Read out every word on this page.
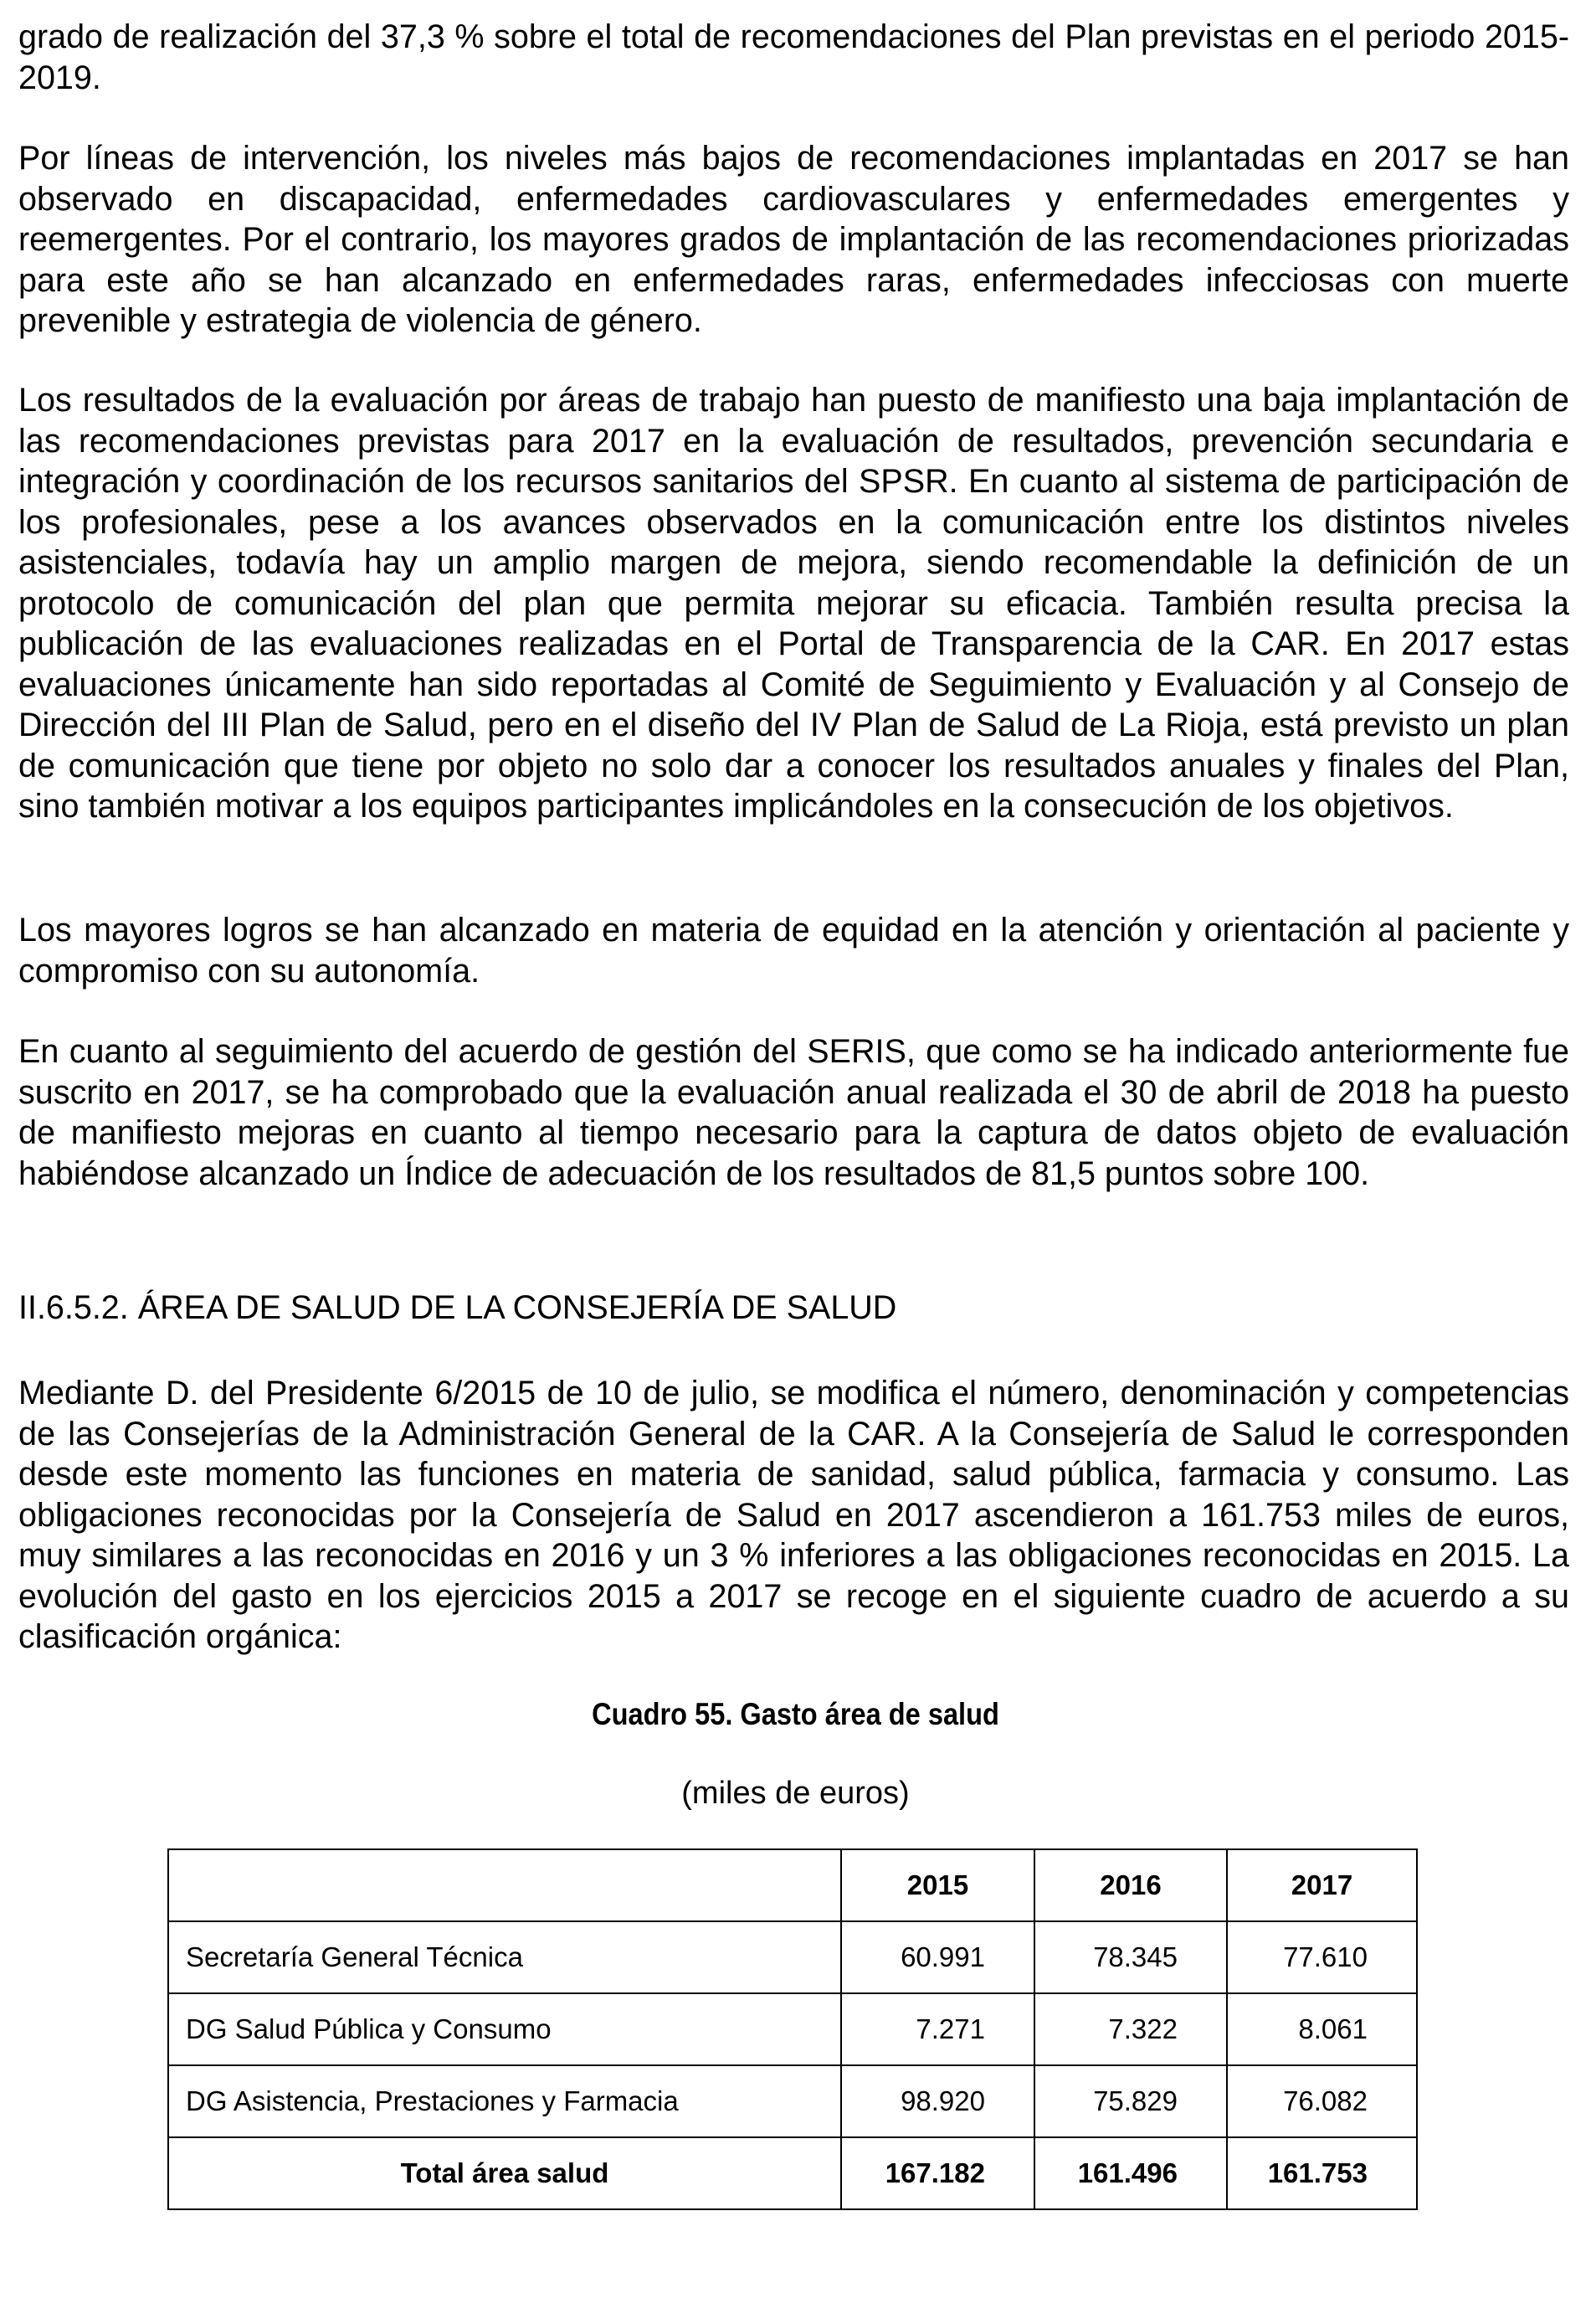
grado de realización del 37,3 % sobre el total de recomendaciones del Plan previstas en el periodo 2015-2019.

Por líneas de intervención, los niveles más bajos de recomendaciones implantadas en 2017 se han observado en discapacidad, enfermedades cardiovasculares y enfermedades emergentes y reemergentes. Por el contrario, los mayores grados de implantación de las recomendaciones priorizadas para este año se han alcanzado en enfermedades raras, enfermedades infecciosas con muerte prevenible y estrategia de violencia de género.

Los resultados de la evaluación por áreas de trabajo han puesto de manifiesto una baja implantación de las recomendaciones previstas para 2017 en la evaluación de resultados, prevención secundaria e integración y coordinación de los recursos sanitarios del SPSR. En cuanto al sistema de participación de los profesionales, pese a los avances observados en la comunicación entre los distintos niveles asistenciales, todavía hay un amplio margen de mejora, siendo recomendable la definición de un protocolo de comunicación del plan que permita mejorar su eficacia. También resulta precisa la publicación de las evaluaciones realizadas en el Portal de Transparencia de la CAR. En 2017 estas evaluaciones únicamente han sido reportadas al Comité de Seguimiento y Evaluación y al Consejo de Dirección del III Plan de Salud, pero en el diseño del IV Plan de Salud de La Rioja, está previsto un plan de comunicación que tiene por objeto no solo dar a conocer los resultados anuales y finales del Plan, sino también motivar a los equipos participantes implicándoles en la consecución de los objetivos.

Los mayores logros se han alcanzado en materia de equidad en la atención y orientación al paciente y compromiso con su autonomía.

En cuanto al seguimiento del acuerdo de gestión del SERIS, que como se ha indicado anteriormente fue suscrito en 2017, se ha comprobado que la evaluación anual realizada el 30 de abril de 2018 ha puesto de manifiesto mejoras en cuanto al tiempo necesario para la captura de datos objeto de evaluación habiéndose alcanzado un Índice de adecuación de los resultados de 81,5 puntos sobre 100.

II.6.5.2. ÁREA DE SALUD DE LA CONSEJERÍA DE SALUD

Mediante D. del Presidente 6/2015 de 10 de julio, se modifica el número, denominación y competencias de las Consejerías de la Administración General de la CAR. A la Consejería de Salud le corresponden desde este momento las funciones en materia de sanidad, salud pública, farmacia y consumo. Las obligaciones reconocidas por la Consejería de Salud en 2017 ascendieron a 161.753 miles de euros, muy similares a las reconocidas en 2016 y un 3 % inferiores a las obligaciones reconocidas en 2015. La evolución del gasto en los ejercicios 2015 a 2017 se recoge en el siguiente cuadro de acuerdo a su clasificación orgánica:

Cuadro 55. Gasto área de salud

(miles de euros)

	2015	2016	2017
Secretaría General Técnica	60.991	78.345	77.610
DG Salud Pública y Consumo	7.271	7.322	8.061
DG Asistencia, Prestaciones y Farmacia	98.920	75.829	76.082
Total área salud	167.182	161.496	161.753
